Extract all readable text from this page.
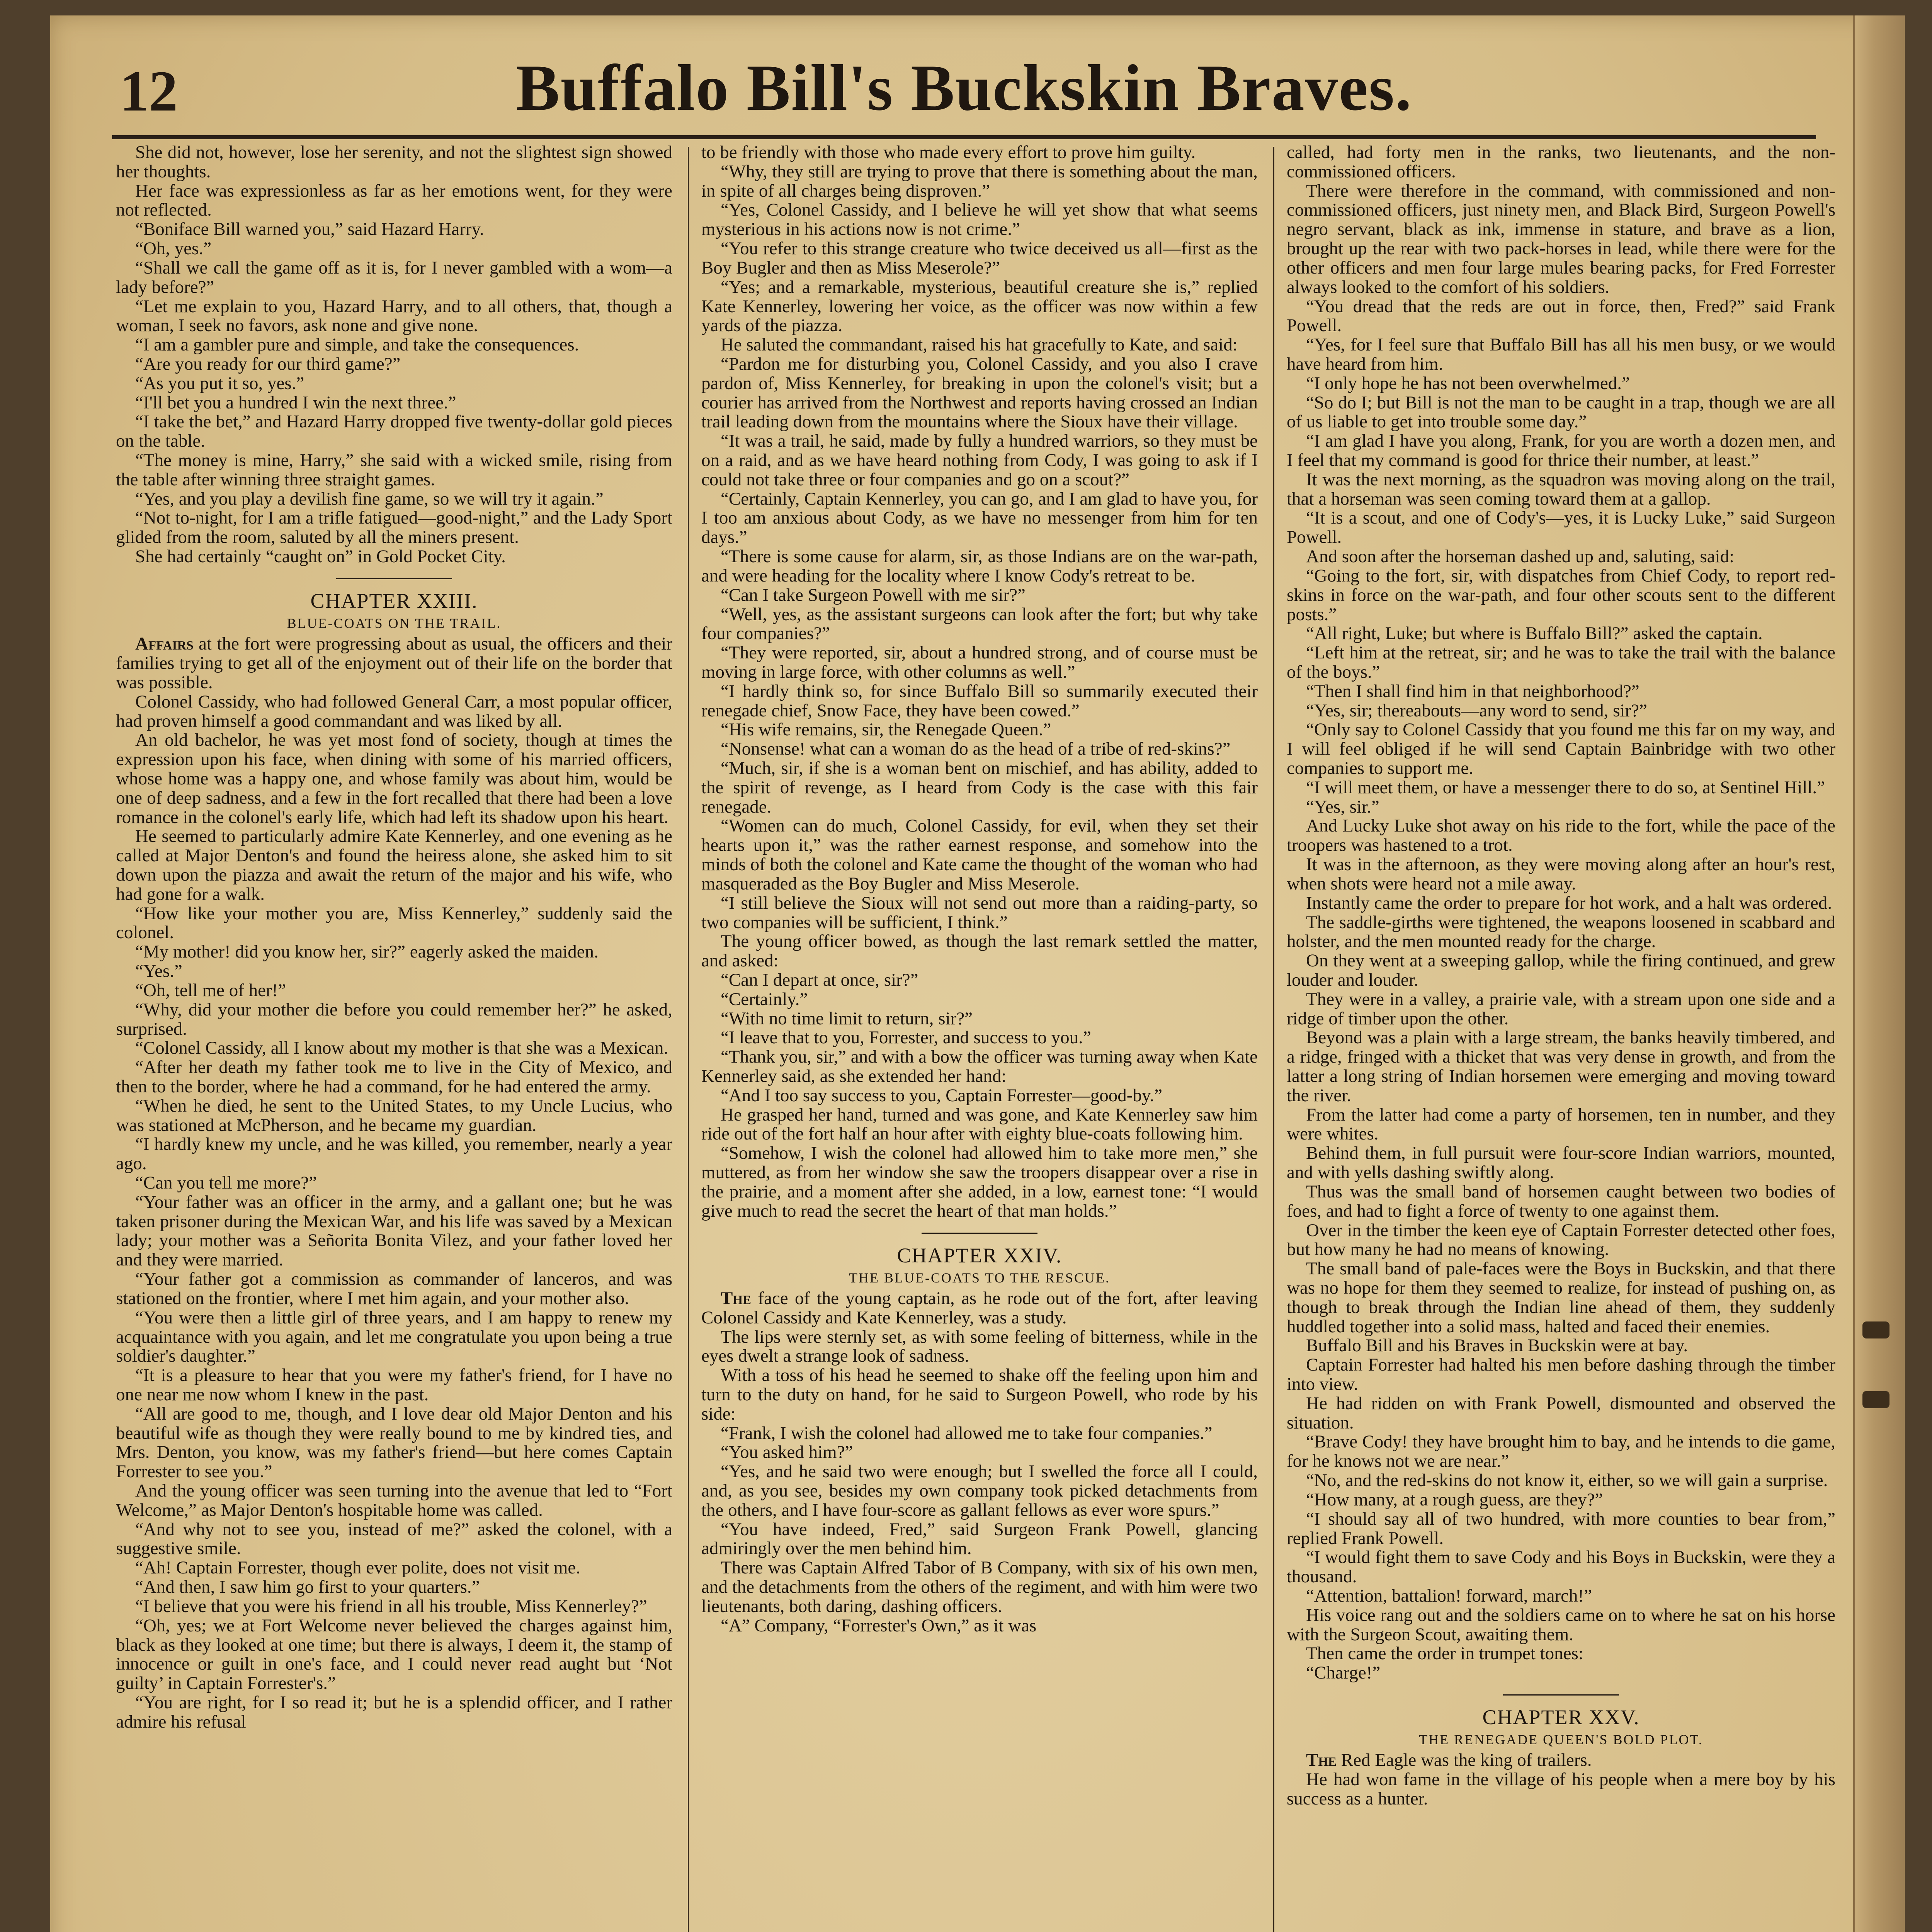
12	Buffalo Bill's Buckskin Braves.

She did not, however, lose her serenity, and not the slightest sign showed her thoughts.

Her face was expressionless as far as her emotions went, for they were not reflected.

“Boniface Bill warned you,” said Hazard Harry.

“Oh, yes.”

“Shall we call the game off as it is, for I never gambled with a wom—a lady before?”

“Let me explain to you, Hazard Harry, and to all others, that, though a woman, I seek no favors, ask none and give none.

“I am a gambler pure and simple, and take the consequences.

“Are you ready for our third game?”

“As you put it so, yes.”

“I'll bet you a hundred I win the next three.”

“I take the bet,” and Hazard Harry dropped five twenty-dollar gold pieces on the table.

“The money is mine, Harry,” she said with a wicked smile, rising from the table after winning three straight games.

“Yes, and you play a devilish fine game, so we will try it again.”

“Not to-night, for I am a trifle fatigued—good-night,” and the Lady Sport glided from the room, saluted by all the miners present.

She had certainly “caught on” in Gold Pocket City.

CHAPTER XXIII.
BLUE-COATS ON THE TRAIL.

Affairs at the fort were progressing about as usual, the officers and their families trying to get all of the enjoyment out of their life on the border that was possible.

Colonel Cassidy, who had followed General Carr, a most popular officer, had proven himself a good commandant and was liked by all.

An old bachelor, he was yet most fond of society, though at times the expression upon his face, when dining with some of his married officers, whose home was a happy one, and whose family was about him, would be one of deep sadness, and a few in the fort recalled that there had been a love romance in the colonel's early life, which had left its shadow upon his heart.

He seemed to particularly admire Kate Kennerley, and one evening as he called at Major Denton's and found the heiress alone, she asked him to sit down upon the piazza and await the return of the major and his wife, who had gone for a walk.

“How like your mother you are, Miss Kennerley,” suddenly said the colonel.

“My mother! did you know her, sir?” eagerly asked the maiden.

“Yes.”

“Oh, tell me of her!”

“Why, did your mother die before you could remember her?” he asked, surprised.

“Colonel Cassidy, all I know about my mother is that she was a Mexican.

“After her death my father took me to live in the City of Mexico, and then to the border, where he had a command, for he had entered the army.

“When he died, he sent to the United States, to my Uncle Lucius, who was stationed at McPherson, and he became my guardian.

“I hardly knew my uncle, and he was killed, you remember, nearly a year ago.

“Can you tell me more?”

“Your father was an officer in the army, and a gallant one; but he was taken prisoner during the Mexican War, and his life was saved by a Mexican lady; your mother was a Señorita Bonita Vilez, and your father loved her and they were married.

“Your father got a commission as commander of lanceros, and was stationed on the frontier, where I met him again, and your mother also.

“You were then a little girl of three years, and I am happy to renew my acquaintance with you again, and let me congratulate you upon being a true soldier's daughter.”

“It is a pleasure to hear that you were my father's friend, for I have no one near me now whom I knew in the past.

“All are good to me, though, and I love dear old Major Denton and his beautiful wife as though they were really bound to me by kindred ties, and Mrs. Denton, you know, was my father's friend—but here comes Captain Forrester to see you.”

And the young officer was seen turning into the avenue that led to “Fort Welcome,” as Major Denton's hospitable home was called.

“And why not to see you, instead of me?” asked the colonel, with a suggestive smile.

“Ah! Captain Forrester, though ever polite, does not visit me.

“And then, I saw him go first to your quarters.”

“I believe that you were his friend in all his trouble, Miss Kennerley?”

“Oh, yes; we at Fort Welcome never believed the charges against him, black as they looked at one time; but there is always, I deem it, the stamp of innocence or guilt in one's face, and I could never read aught but ‘Not guilty’ in Captain Forrester's.”

“You are right, for I so read it; but he is a splendid officer, and I rather admire his refusal

to be friendly with those who made every effort to prove him guilty.

“Why, they still are trying to prove that there is something about the man, in spite of all charges being disproven.”

“Yes, Colonel Cassidy, and I believe he will yet show that what seems mysterious in his actions now is not crime.”

“You refer to this strange creature who twice deceived us all—first as the Boy Bugler and then as Miss Meserole?”

“Yes; and a remarkable, mysterious, beautiful creature she is,” replied Kate Kennerley, lowering her voice, as the officer was now within a few yards of the piazza.

He saluted the commandant, raised his hat gracefully to Kate, and said:

“Pardon me for disturbing you, Colonel Cassidy, and you also I crave pardon of, Miss Kennerley, for breaking in upon the colonel's visit; but a courier has arrived from the Northwest and reports having crossed an Indian trail leading down from the mountains where the Sioux have their village.

“It was a trail, he said, made by fully a hundred warriors, so they must be on a raid, and as we have heard nothing from Cody, I was going to ask if I could not take three or four companies and go on a scout?”

“Certainly, Captain Kennerley, you can go, and I am glad to have you, for I too am anxious about Cody, as we have no messenger from him for ten days.”

“There is some cause for alarm, sir, as those Indians are on the war-path, and were heading for the locality where I know Cody's retreat to be.

“Can I take Surgeon Powell with me sir?”

“Well, yes, as the assistant surgeons can look after the fort; but why take four companies?”

“They were reported, sir, about a hundred strong, and of course must be moving in large force, with other columns as well.”

“I hardly think so, for since Buffalo Bill so summarily executed their renegade chief, Snow Face, they have been cowed.”

“His wife remains, sir, the Renegade Queen.”

“Nonsense! what can a woman do as the head of a tribe of red-skins?”

“Much, sir, if she is a woman bent on mischief, and has ability, added to the spirit of revenge, as I heard from Cody is the case with this fair renegade.

“Women can do much, Colonel Cassidy, for evil, when they set their hearts upon it,” was the rather earnest response, and somehow into the minds of both the colonel and Kate came the thought of the woman who had masqueraded as the Boy Bugler and Miss Meserole.

“I still believe the Sioux will not send out more than a raiding-party, so two companies will be sufficient, I think.”

The young officer bowed, as though the last remark settled the matter, and asked:

“Can I depart at once, sir?”

“Certainly.”

“With no time limit to return, sir?”

“I leave that to you, Forrester, and success to you.”

“Thank you, sir,” and with a bow the officer was turning away when Kate Kennerley said, as she extended her hand:

“And I too say success to you, Captain Forrester—good-by.”

He grasped her hand, turned and was gone, and Kate Kennerley saw him ride out of the fort half an hour after with eighty blue-coats following him.

“Somehow, I wish the colonel had allowed him to take more men,” she muttered, as from her window she saw the troopers disappear over a rise in the prairie, and a moment after she added, in a low, earnest tone: “I would give much to read the secret the heart of that man holds.”

CHAPTER XXIV.
THE BLUE-COATS TO THE RESCUE.

The face of the young captain, as he rode out of the fort, after leaving Colonel Cassidy and Kate Kennerley, was a study.

The lips were sternly set, as with some feeling of bitterness, while in the eyes dwelt a strange look of sadness.

With a toss of his head he seemed to shake off the feeling upon him and turn to the duty on hand, for he said to Surgeon Powell, who rode by his side:

“Frank, I wish the colonel had allowed me to take four companies.”

“You asked him?”

“Yes, and he said two were enough; but I swelled the force all I could, and, as you see, besides my own company took picked detachments from the others, and I have four-score as gallant fellows as ever wore spurs.”

“You have indeed, Fred,” said Surgeon Frank Powell, glancing admiringly over the men behind him.

There was Captain Alfred Tabor of B Company, with six of his own men, and the detachments from the others of the regiment, and with him were two lieutenants, both daring, dashing officers.

“A” Company, “Forrester's Own,” as it was

called, had forty men in the ranks, two lieutenants, and the non-commissioned officers.

There were therefore in the command, with commissioned and non-commissioned officers, just ninety men, and Black Bird, Surgeon Powell's negro servant, black as ink, immense in stature, and brave as a lion, brought up the rear with two pack-horses in lead, while there were for the other officers and men four large mules bearing packs, for Fred Forrester always looked to the comfort of his soldiers.

“You dread that the reds are out in force, then, Fred?” said Frank Powell.

“Yes, for I feel sure that Buffalo Bill has all his men busy, or we would have heard from him.

“I only hope he has not been overwhelmed.”

“So do I; but Bill is not the man to be caught in a trap, though we are all of us liable to get into trouble some day.”

“I am glad I have you along, Frank, for you are worth a dozen men, and I feel that my command is good for thrice their number, at least.”

It was the next morning, as the squadron was moving along on the trail, that a horseman was seen coming toward them at a gallop.

“It is a scout, and one of Cody's—yes, it is Lucky Luke,” said Surgeon Powell.

And soon after the horseman dashed up and, saluting, said:

“Going to the fort, sir, with dispatches from Chief Cody, to report red-skins in force on the war-path, and four other scouts sent to the different posts.”

“All right, Luke; but where is Buffalo Bill?” asked the captain.

“Left him at the retreat, sir; and he was to take the trail with the balance of the boys.”

“Then I shall find him in that neighborhood?”

“Yes, sir; thereabouts—any word to send, sir?”

“Only say to Colonel Cassidy that you found me this far on my way, and I will feel obliged if he will send Captain Bainbridge with two other companies to support me.

“I will meet them, or have a messenger there to do so, at Sentinel Hill.”

“Yes, sir.”

And Lucky Luke shot away on his ride to the fort, while the pace of the troopers was hastened to a trot.

It was in the afternoon, as they were moving along after an hour's rest, when shots were heard not a mile away.

Instantly came the order to prepare for hot work, and a halt was ordered.

The saddle-girths were tightened, the weapons loosened in scabbard and holster, and the men mounted ready for the charge.

On they went at a sweeping gallop, while the firing continued, and grew louder and louder.

They were in a valley, a prairie vale, with a stream upon one side and a ridge of timber upon the other.

Beyond was a plain with a large stream, the banks heavily timbered, and a ridge, fringed with a thicket that was very dense in growth, and from the latter a long string of Indian horsemen were emerging and moving toward the river.

From the latter had come a party of horsemen, ten in number, and they were whites.

Behind them, in full pursuit were four-score Indian warriors, mounted, and with yells dashing swiftly along.

Thus was the small band of horsemen caught between two bodies of foes, and had to fight a force of twenty to one against them.

Over in the timber the keen eye of Captain Forrester detected other foes, but how many he had no means of knowing.

The small band of pale-faces were the Boys in Buckskin, and that there was no hope for them they seemed to realize, for instead of pushing on, as though to break through the Indian line ahead of them, they suddenly huddled together into a solid mass, halted and faced their enemies.

Buffalo Bill and his Braves in Buckskin were at bay.

Captain Forrester had halted his men before dashing through the timber into view.

He had ridden on with Frank Powell, dismounted and observed the situation.

“Brave Cody! they have brought him to bay, and he intends to die game, for he knows not we are near.”

“No, and the red-skins do not know it, either, so we will gain a surprise.

“How many, at a rough guess, are they?”

“I should say all of two hundred, with more counties to bear from,” replied Frank Powell.

“I would fight them to save Cody and his Boys in Buckskin, were they a thousand.

“Attention, battalion! forward, march!”

His voice rang out and the soldiers came on to where he sat on his horse with the Surgeon Scout, awaiting them.

Then came the order in trumpet tones:

“Charge!”

CHAPTER XXV.
THE RENEGADE QUEEN'S BOLD PLOT.

The Red Eagle was the king of trailers.

He had won fame in the village of his people when a mere boy by his success as a hunter.
